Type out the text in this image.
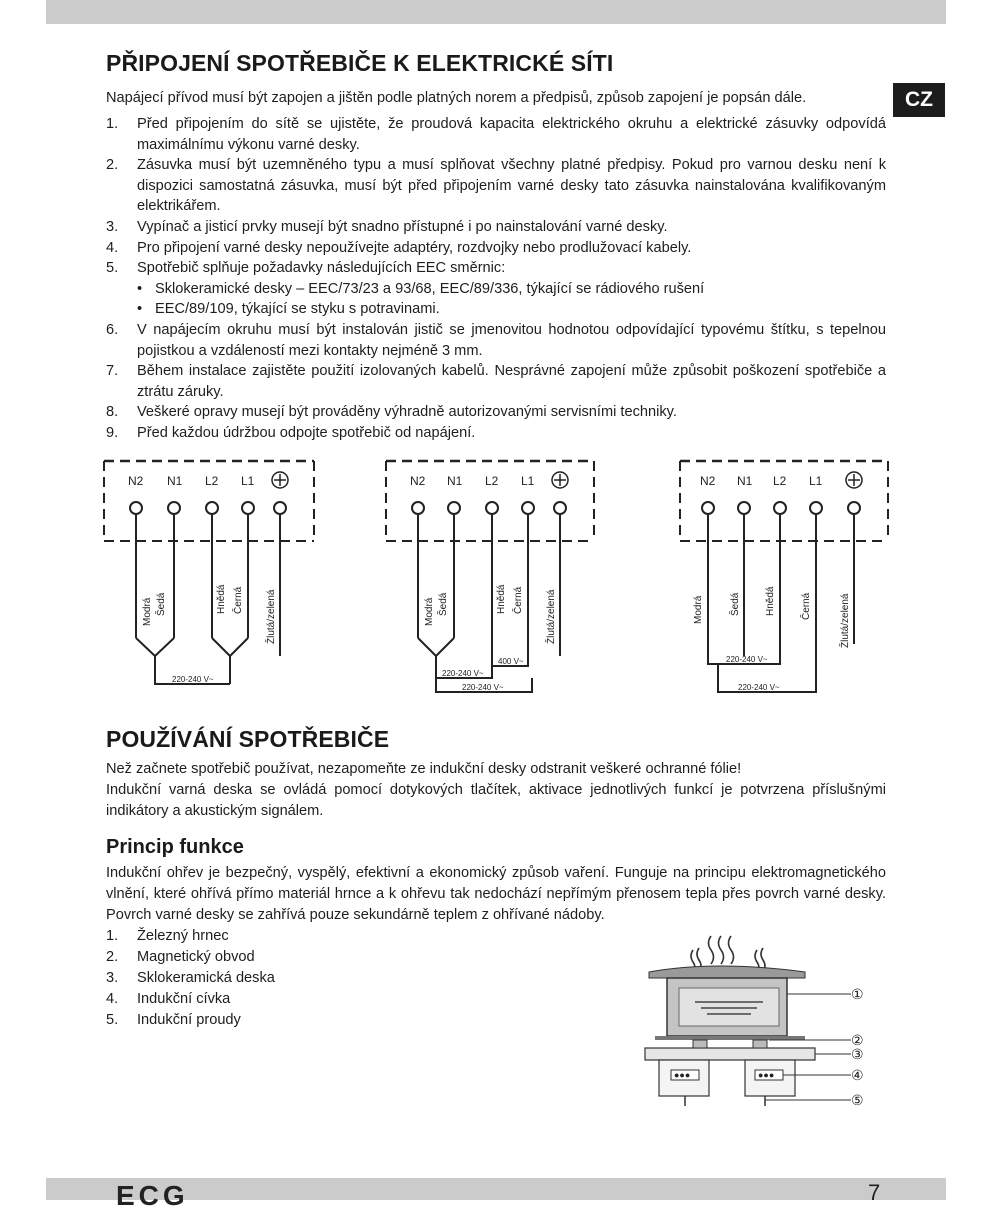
CZ
PŘIPOJENÍ SPOTŘEBIČE K ELEKTRICKÉ SÍTI

Napájecí přívod musí být zapojen a jištěn podle platných norem a předpisů, způsob zapojení je popsán dále.

1. Před připojením do sítě se ujistěte, že proudová kapacita elektrického okruhu a elektrické zásuvky odpovídá maximálnímu výkonu varné desky.
2. Zásuvka musí být uzemněného typu a musí splňovat všechny platné předpisy. Pokud pro varnou desku není k dispozici samostatná zásuvka, musí být před připojením varné desky tato zásuvka nainstalována kvalifikovaným elektrikářem.
3. Vypínač a jisticí prvky musejí být snadno přístupné i po nainstalování varné desky.
4. Pro připojení varné desky nepoužívejte adaptéry, rozdvojky nebo prodlužovací kabely.
5. Spotřebič splňuje požadavky následujících EEC směrnic:
• Sklokeramické desky – EEC/73/23 a 93/68, EEC/89/336, týkající se rádiového rušení
• EEC/89/109, týkající se styku s potravinami.
6. V napájecím okruhu musí být instalován jistič se jmenovitou hodnotou odpovídající typovému štítku, s tepelnou pojistkou a vzdáleností mezi kontakty nejméně 3 mm.
7. Během instalace zajistěte použití izolovaných kabelů. Nesprávné zapojení může způsobit poškození spotřebiče a ztrátu záruky.
8. Veškeré opravy musejí být prováděny výhradně autorizovanými servisními techniky.
9. Před každou údržbou odpojte spotřebič od napájení.
N2 N1 L2 L1
Modrá Šedá	Hnědá Černá Žlutá/zelená
220-240 V~
N2 N1 L2 L1
Modrá Šedá	Hnědá Černá Žlutá/zelená
220-240 V~
400 V~
220-240 V~
N2 N1 L2 L1
Modrá	Šedá Hnědá	Černá	Žlutá/zelená
220-240 V~
220-240 V~
POUŽÍVÁNÍ SPOTŘEBIČE

Než začnete spotřebič používat, nezapomeňte ze indukční desky odstranit veškeré ochranné fólie!

Indukční varná deska se ovládá pomocí dotykových tlačítek, aktivace jednotlivých funkcí je potvrzena příslušnými indikátory a akustickým signálem.

Princip funkce

Indukční ohřev je bezpečný, vyspělý, efektivní a ekonomický způsob vaření. Funguje na principu elektromagnetického vlnění, které ohřívá přímo materiál hrnce a k ohřevu tak nedochází nepřímým přenosem tepla přes povrch varné desky. Povrch varné desky se zahřívá pouze sekundárně teplem z ohřívané nádoby.

1. Železný hrnec
2. Magnetický obvod
3. Sklokeramická deska
4. Indukční cívka
5. Indukční proudy
●●●	●●●
①
②
③
④
⑤
ECG	7
